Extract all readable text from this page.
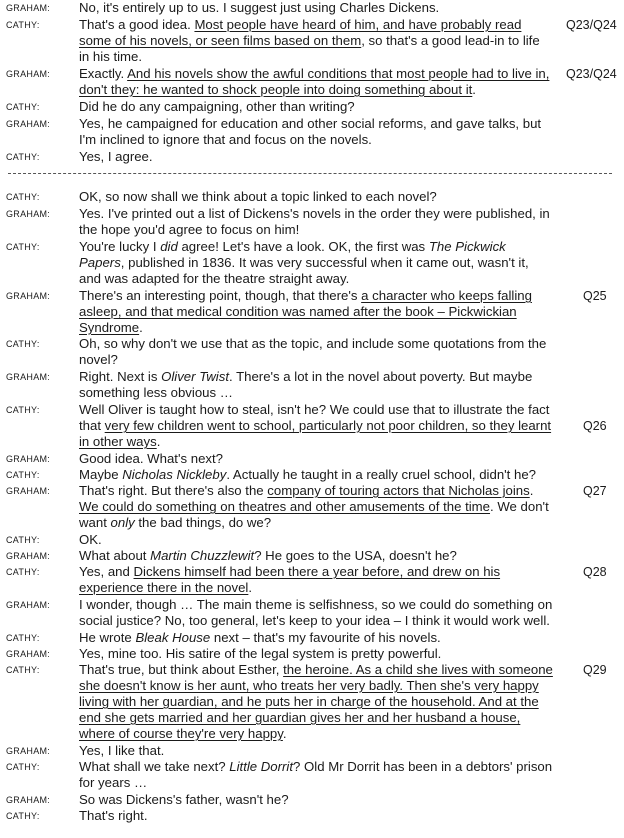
GRAHAM: No, it's entirely up to us. I suggest just using Charles Dickens.
CATHY:	That's a good idea. Most people have heard of him, and have probably read	Q23/Q24
some of his novels, or seen films based on them, so that's a good lead-in to life
in his time.
GRAHAM: Exactly. And his novels show the awful conditions that most people had to live in, Q23/Q24
don't they: he wanted to shock people into doing something about it.
CATHY:	Did he do any campaigning, other than writing?
GRAHAM: Yes, he campaigned for education and other social reforms, and gave talks, but
I'm inclined to ignore that and focus on the novels.
CATHY:	Yes, I agree.
CATHY:	OK, so now shall we think about a topic linked to each novel?
GRAHAM: Yes. I've printed out a list of Dickens's novels in the order they were published, in
the hope you'd agree to focus on him!
CATHY:	You're lucky I did agree! Let's have a look. OK, the first was The Pickwick
Papers, published in 1836. It was very successful when it came out, wasn't it,
and was adapted for the theatre straight away.
GRAHAM: There's an interesting point, though, that there's a character who keeps falling	Q25
asleep, and that medical condition was named after the book – Pickwickian
Syndrome.
CATHY:	Oh, so why don't we use that as the topic, and include some quotations from the
novel?
GRAHAM: Right. Next is Oliver Twist. There's a lot in the novel about poverty. But maybe
something less obvious …
CATHY:	Well Oliver is taught how to steal, isn't he? We could use that to illustrate the fact
that very few children went to school, particularly not poor children, so they learnt	Q26
in other ways.
GRAHAM: Good idea. What's next?
CATHY:	Maybe Nicholas Nickleby. Actually he taught in a really cruel school, didn't he?
GRAHAM: That's right. But there's also the company of touring actors that Nicholas joins.	Q27
We could do something on theatres and other amusements of the time. We don't
want only the bad things, do we?
CATHY:	OK.
GRAHAM: What about Martin Chuzzlewit? He goes to the USA, doesn't he?
CATHY:	Yes, and Dickens himself had been there a year before, and drew on his	Q28
experience there in the novel.
GRAHAM: I wonder, though … The main theme is selfishness, so we could do something on
social justice? No, too general, let's keep to your idea – I think it would work well.
CATHY:	He wrote Bleak House next – that's my favourite of his novels.
GRAHAM: Yes, mine too. His satire of the legal system is pretty powerful.
CATHY:	That's true, but think about Esther, the heroine. As a child she lives with someone Q29
she doesn't know is her aunt, who treats her very badly. Then she's very happy
living with her guardian, and he puts her in charge of the household. And at the
end she gets married and her guardian gives her and her husband a house,
where of course they're very happy.
GRAHAM: Yes, I like that.
CATHY:	What shall we take next? Little Dorrit? Old Mr Dorrit has been in a debtors' prison
for years …
GRAHAM: So was Dickens's father, wasn't he?
CATHY:	That's right.
